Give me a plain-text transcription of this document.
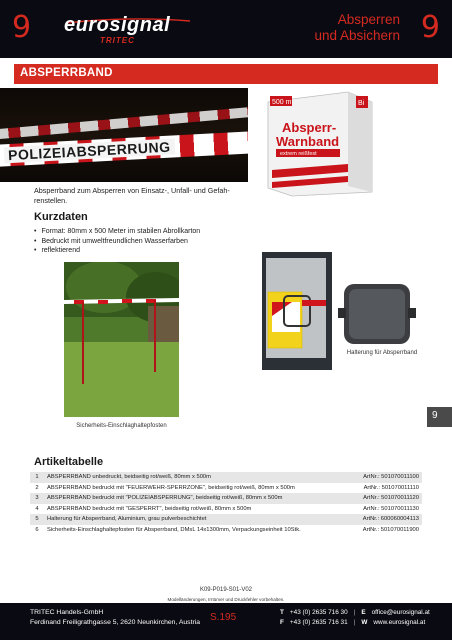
9 eurosignal
TRITEC
Absperren
und Absichern 9
ABSPERRBAND
POLIZEIABSPERRUNG
500 m	Bi
Absperr-
Warnband
extrem reißfest
Absperrband zum Absperren von Einsatz-, Unfall- und Gefah-renstellen.
Kurzdaten
• Format: 80mm x 500 Meter im stabilen Abrollkarton
• Bedruckt mit umweltfreundlichen Wasserfarben
• reflektierend
Sicherheits-Einschlaghaltepfosten
Halterung für Absperrband
9
Artikeltabelle
1	ABSPERRBAND unbedruckt, beidseitig rot/weiß, 80mm x 500m	ArtNr.: 501070011100
2	ABSPERRBAND bedruckt mit "FEUERWEHR-SPERRZONE", beidseitig rot/weiß, 80mm x 500m	ArtNr.: 501070011110
3	ABSPERRBAND bedruckt mit "POLIZEIABSPERRUNG", beidseitig rot/weiß, 80mm x 500m	ArtNr.: 501070011120
4	ABSPERRBAND bedruckt mit "GESPERRT", beidseitig rot/weiß, 80mm x 500m	ArtNr.: 501070011130
5	Halterung für Absperrband, Aluminium, grau pulverbeschichtet	ArtNr.: 600060004113
6	Sicherheits-Einschlaghaltepfosten für Absperrband, DMsL 14x1300mm, Verpackungseinheit 10Stk.	ArtNr.: 501070011900
K09-P019-S01-V02
Modelländerungen, Irrtümer und Druckfehler vorbehalten.
TRITEC Handels-GmbH
Ferdinand Freiligrathgasse 5, 2620 Neunkirchen, Austria S.195	T +43 (0) 2635 716 30 | E office@eurosignal.at
F +43 (0) 2635 716 31 | W www.eurosignal.at
